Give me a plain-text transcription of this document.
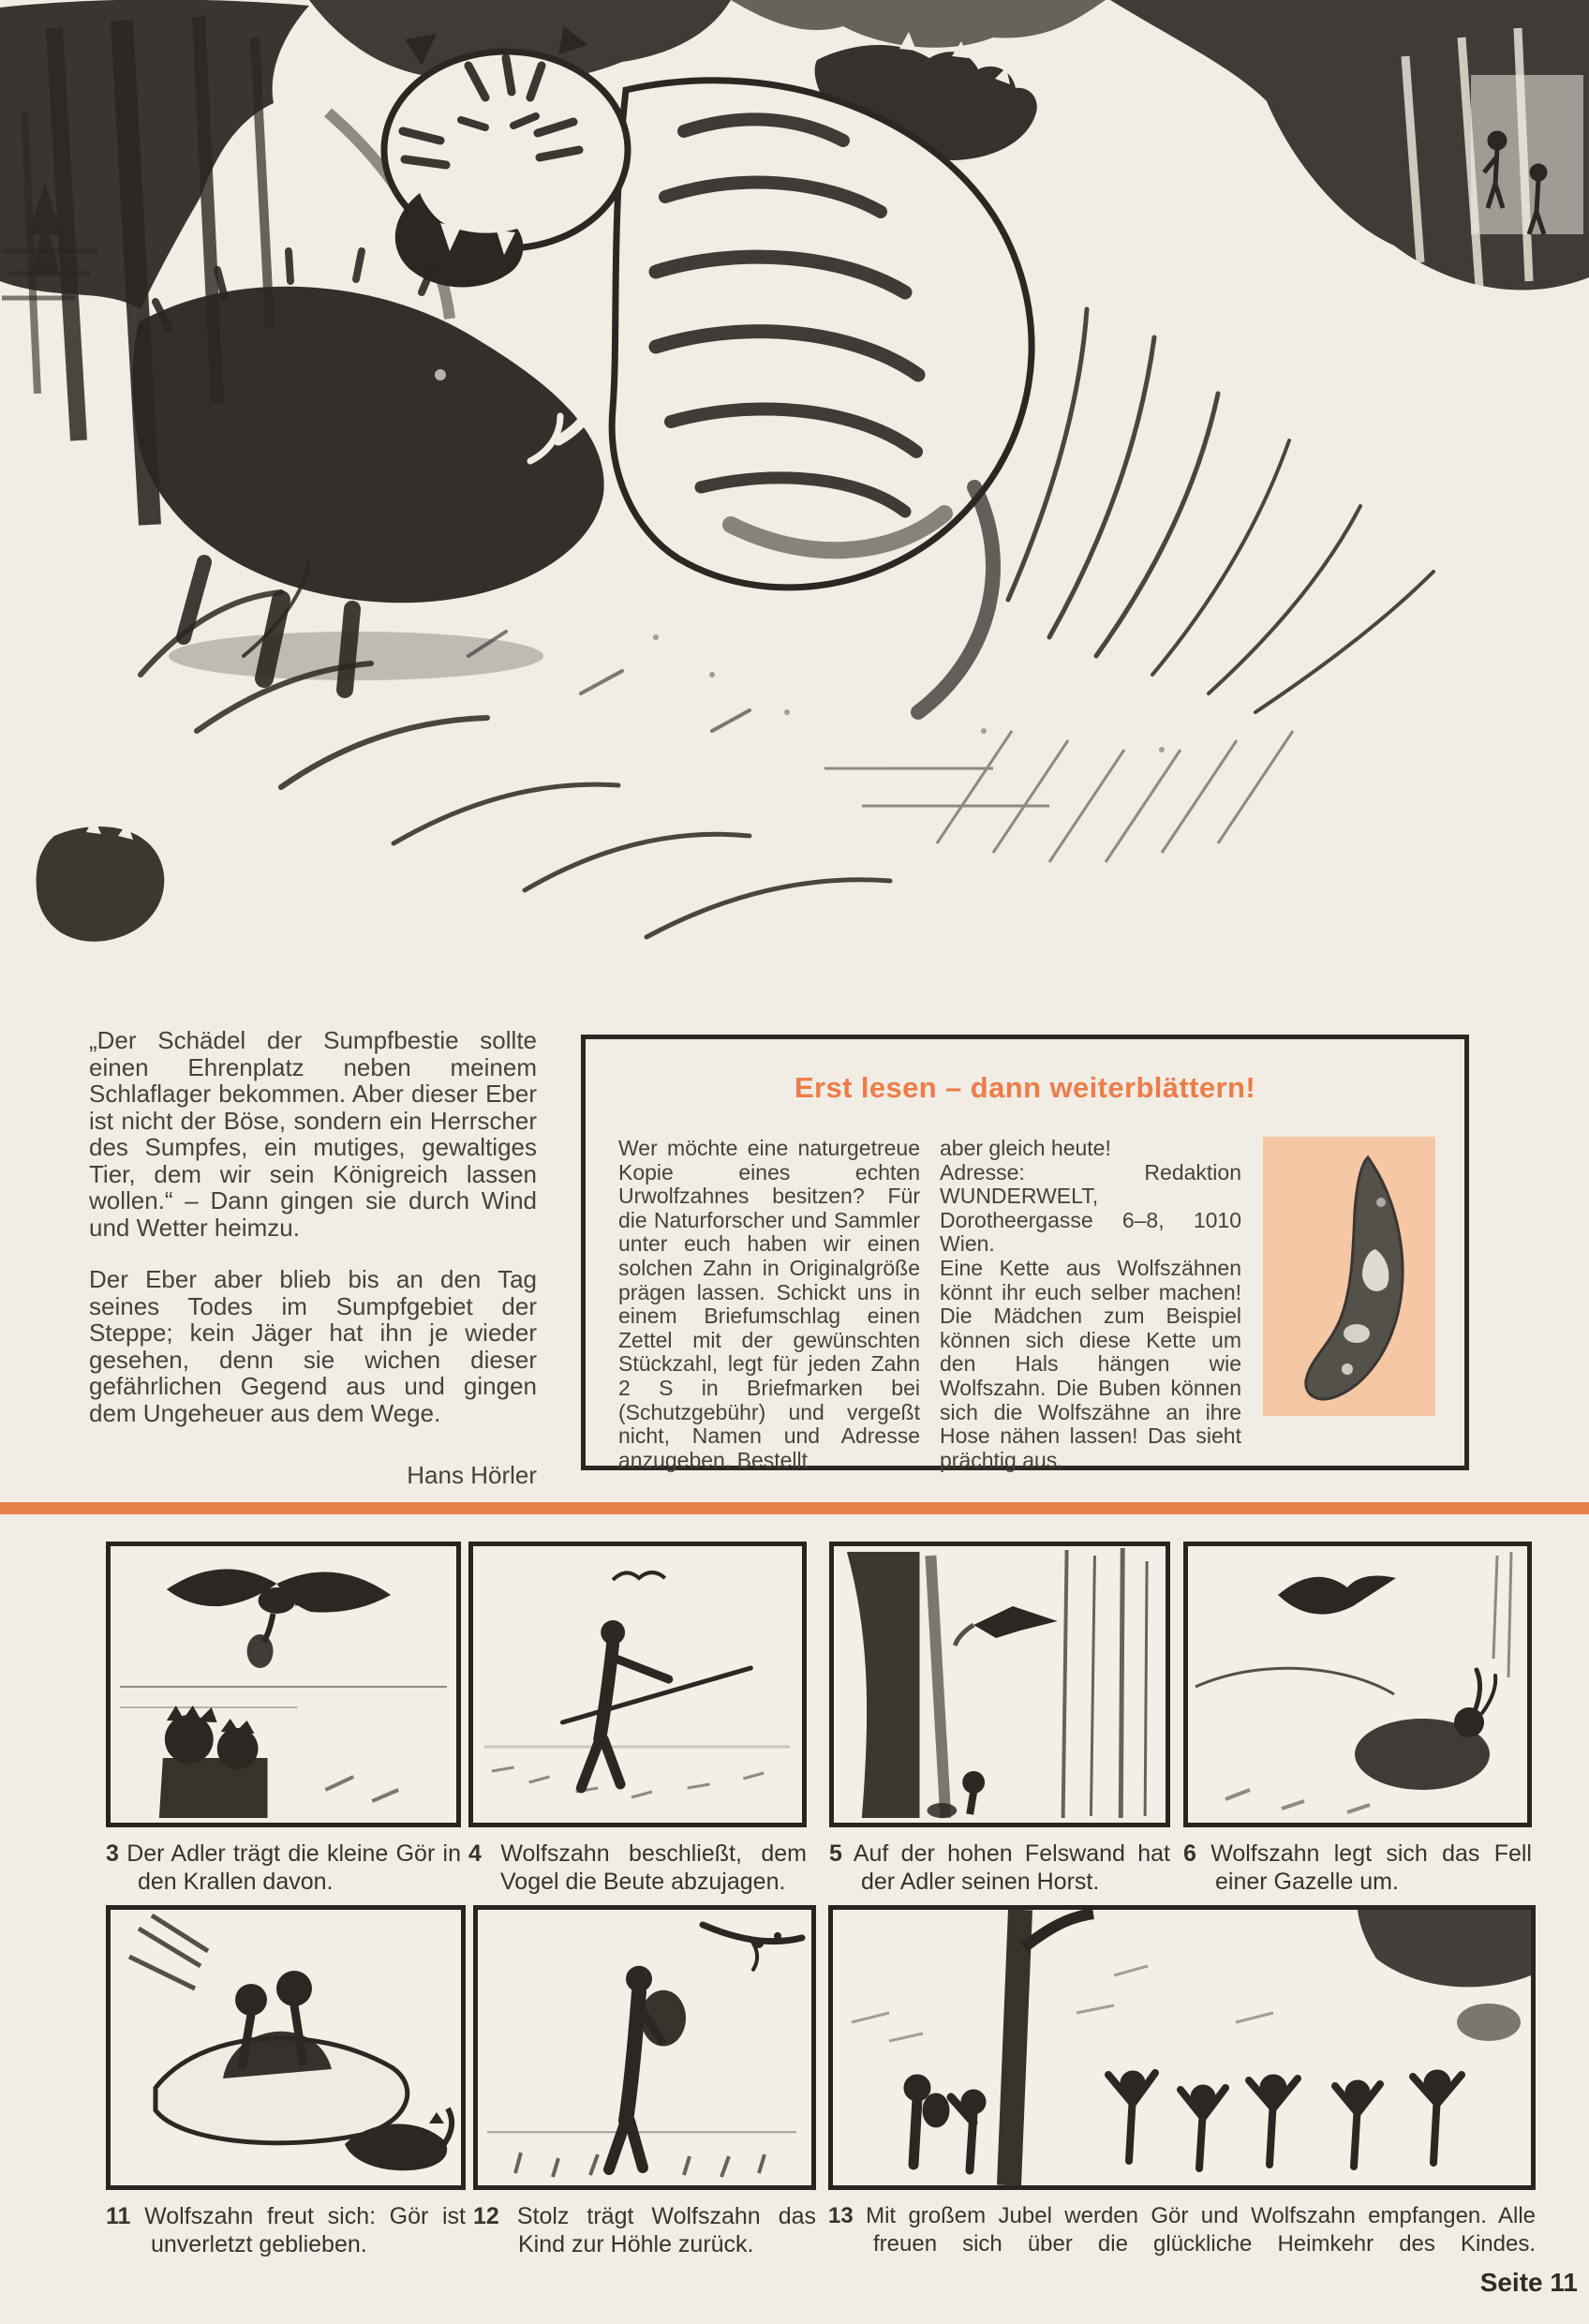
„Der Schädel der Sumpfbestie sollte einen Ehrenplatz neben meinem Schlaflager bekommen. Aber dieser Eber ist nicht der Böse, sondern ein Herrscher des Sumpfes, ein mutiges, gewaltiges Tier, dem wir sein Königreich lassen wollen.“ – Dann gingen sie durch Wind und Wetter heimzu.

Der Eber aber blieb bis an den Tag seines Todes im Sumpfgebiet der Steppe; kein Jäger hat ihn je wieder gesehen, denn sie wichen dieser gefährlichen Gegend aus und gingen dem Ungeheuer aus dem Wege.

Hans Hörler

Erst lesen – dann weiterblättern!

Wer möchte eine naturgetreue Kopie eines echten Urwolfzahnes besitzen? Für die Naturforscher und Sammler unter euch haben wir einen solchen Zahn in Originalgröße prägen lassen. Schickt uns in einem Briefumschlag einen Zettel mit der gewünschten Stückzahl, legt für jeden Zahn 2 S in Briefmarken bei (Schutzgebühr) und vergeßt nicht, Namen und Adresse anzugeben. Bestellt

aber gleich heute!

Adresse: Redaktion WUNDERWELT, Dorotheergasse 6–8, 1010 Wien.

Eine Kette aus Wolfszähnen könnt ihr euch selber machen! Die Mädchen zum Beispiel können sich diese Kette um den Hals hängen wie Wolfszahn. Die Buben können sich die Wolfszähne an ihre Hose nähen lassen! Das sieht prächtig aus.

3 Der Adler trägt die kleine Gör in den Krallen davon.
4 Wolfszahn beschließt, dem Vogel die Beute abzujagen.
5 Auf der hohen Felswand hat der Adler seinen Horst.
6 Wolfszahn legt sich das Fell einer Gazelle um.
11 Wolfszahn freut sich: Gör ist unverletzt geblieben.
12 Stolz trägt Wolfszahn das Kind zur Höhle zurück.
13 Mit großem Jubel werden Gör und Wolfszahn empfangen. Alle freuen sich über die glückliche Heimkehr des Kindes.
Seite 11
